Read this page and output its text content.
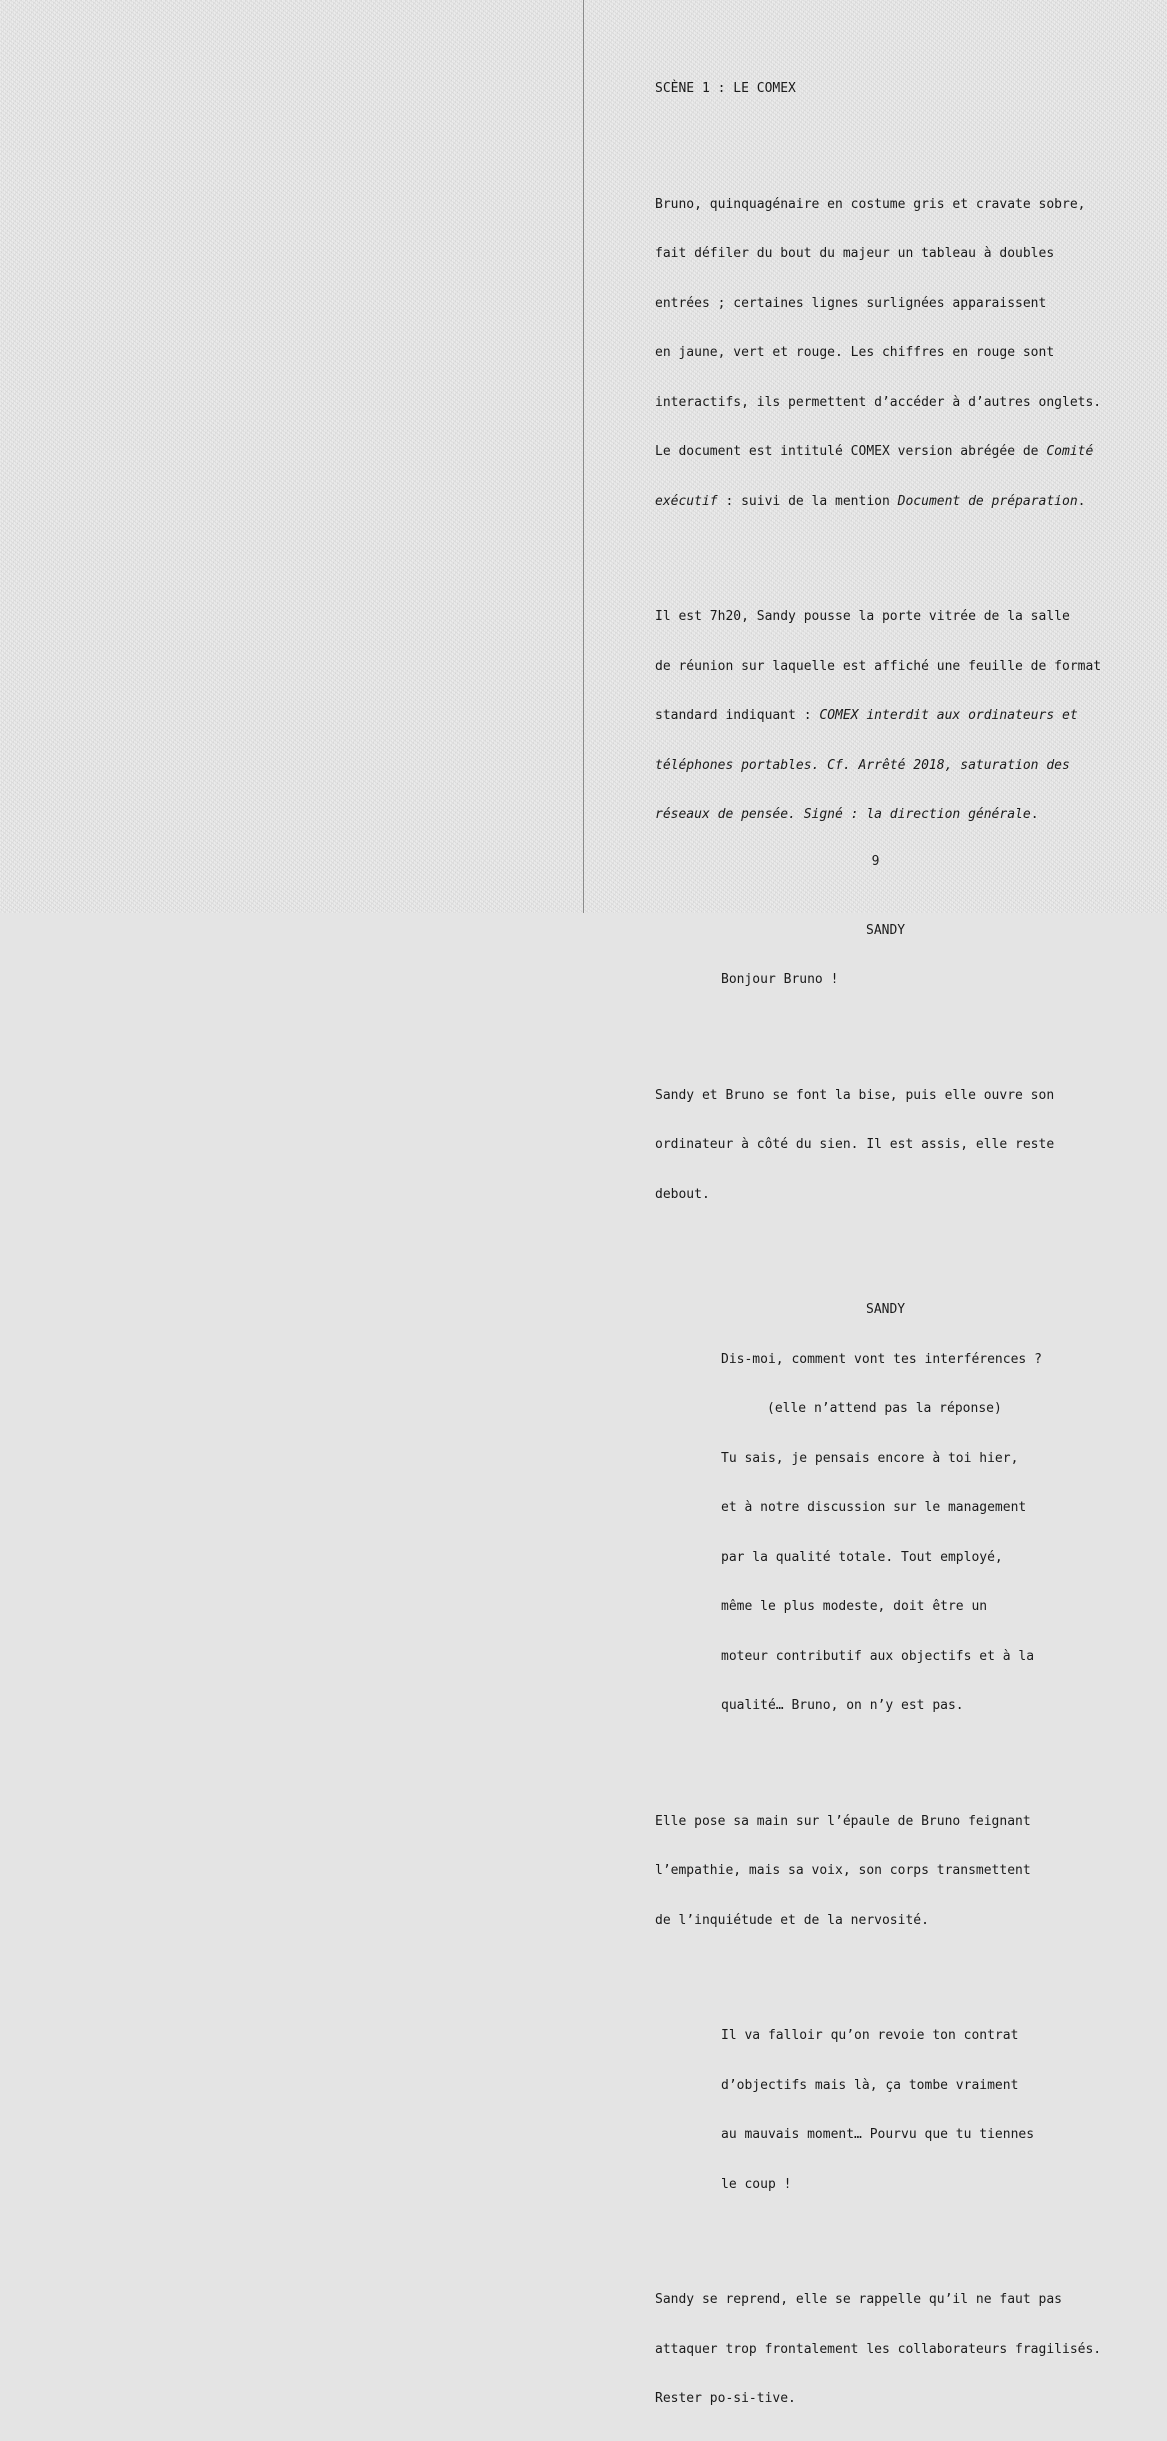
SCÈNE 1 : LE COMEX

Bruno, quinquagénaire en costume gris et cravate sobre,

fait défiler du bout du majeur un tableau à doubles

entrées ; certaines lignes surlignées apparaissent

en jaune, vert et rouge. Les chiffres en rouge sont

interactifs, ils permettent d’accéder à d’autres onglets.

Le document est intitulé COMEX version abrégée de Comité

exécutif : suivi de la mention Document de préparation.

Il est 7h20, Sandy pousse la porte vitrée de la salle

de réunion sur laquelle est affiché une feuille de format

standard indiquant : COMEX interdit aux ordinateurs et

téléphones portables. Cf. Arrêté 2018, saturation des

réseaux de pensée. Signé : la direction générale.

SANDY

Bonjour Bruno !

Sandy et Bruno se font la bise, puis elle ouvre son

ordinateur à côté du sien. Il est assis, elle reste

debout.

SANDY

Dis-moi, comment vont tes interférences ?

(elle n’attend pas la réponse)

Tu sais, je pensais encore à toi hier,

et à notre discussion sur le management

par la qualité totale. Tout employé,

même le plus modeste, doit être un

moteur contributif aux objectifs et à la

qualité… Bruno, on n’y est pas.

Elle pose sa main sur l’épaule de Bruno feignant

l’empathie, mais sa voix, son corps transmettent

de l’inquiétude et de la nervosité.

Il va falloir qu’on revoie ton contrat

d’objectifs mais là, ça tombe vraiment

au mauvais moment… Pourvu que tu tiennes

le coup !

Sandy se reprend, elle se rappelle qu’il ne faut pas

attaquer trop frontalement les collaborateurs fragilisés.

Rester po-si-tive.

9
